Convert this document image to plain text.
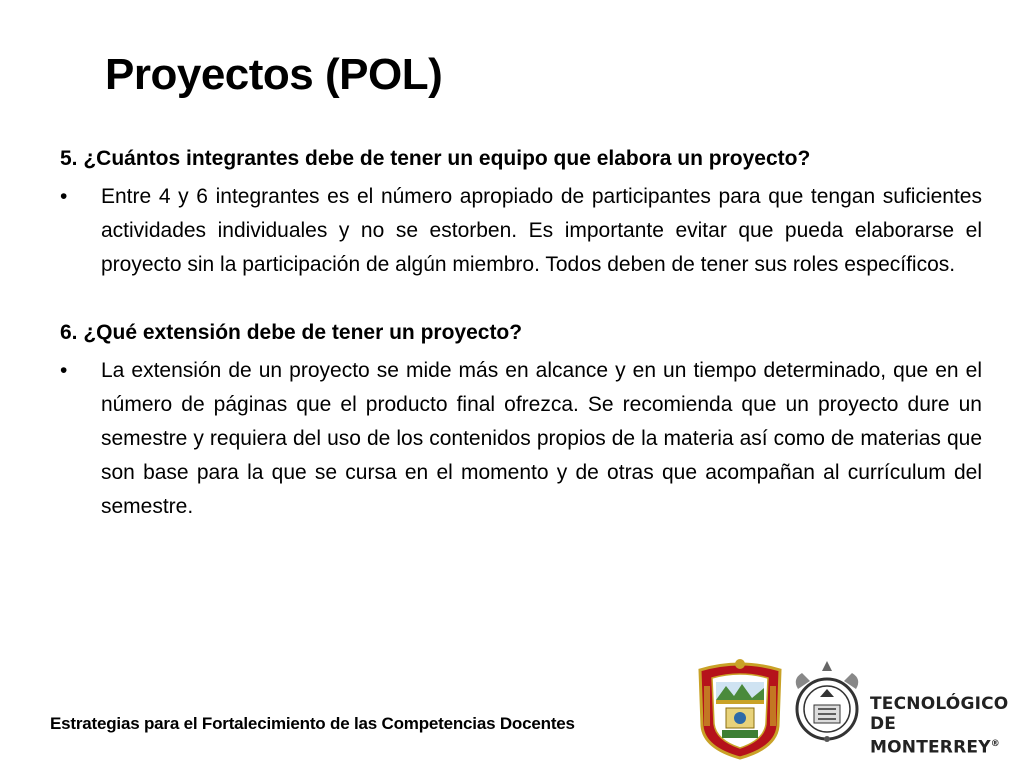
Proyectos (POL)

5. ¿Cuántos integrantes debe de tener un equipo que elabora un proyecto?

•	Entre 4 y 6 integrantes es el número apropiado de participantes para que tengan suficientes actividades individuales y no se estorben. Es importante evitar que pueda elaborarse el proyecto sin la participación de algún miembro. Todos deben de tener sus roles específicos.

6. ¿Qué extensión debe de tener un proyecto?

•	La extensión de un proyecto se mide más en alcance y en un tiempo determinado, que en el número de páginas que el producto final ofrezca. Se recomienda que un proyecto dure un semestre y requiera del uso de los contenidos propios de la materia así como de materias que son base para la que se cursa en el momento y de otras que acompañan al currículum del semestre.
Estrategias para el Fortalecimiento de las Competencias Docentes
TECNOLÓGICO
DE MONTERREY®
